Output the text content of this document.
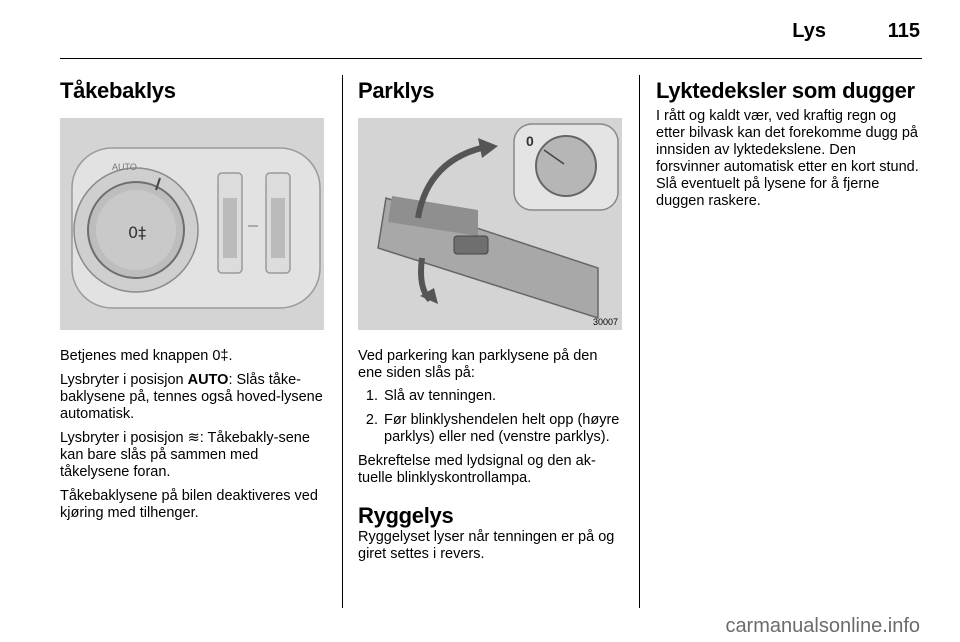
Lys	115
Tåkebaklys
AUTO
0‡

Betjenes med knappen 0‡.

Lysbryter i posisjon AUTO: Slås tåke-baklysene på, tennes også hoved-lysene automatisk.

Lysbryter i posisjon ≋: Tåkebakly-sene kan bare slås på sammen med tåkelysene foran.

Tåkebaklysene på bilen deaktiveres ved kjøring med tilhenger.

Parklys
0
30007

Ved parkering kan parklysene på den ene siden slås på:

1. Slå av tenningen.
2. Før blinklyshendelen helt opp (høyre parklys) eller ned (venstre parklys).

Bekreftelse med lydsignal og den ak-tuelle blinklyskontrollampa.

Ryggelys

Ryggelyset lyser når tenningen er på og giret settes i revers.

Lyktedeksler som dugger

I rått og kaldt vær, ved kraftig regn og etter bilvask kan det forekomme dugg på innsiden av lyktedekslene. Den forsvinner automatisk etter en kort stund. Slå eventuelt på lysene for å fjerne duggen raskere.

carmanualsonline.info
